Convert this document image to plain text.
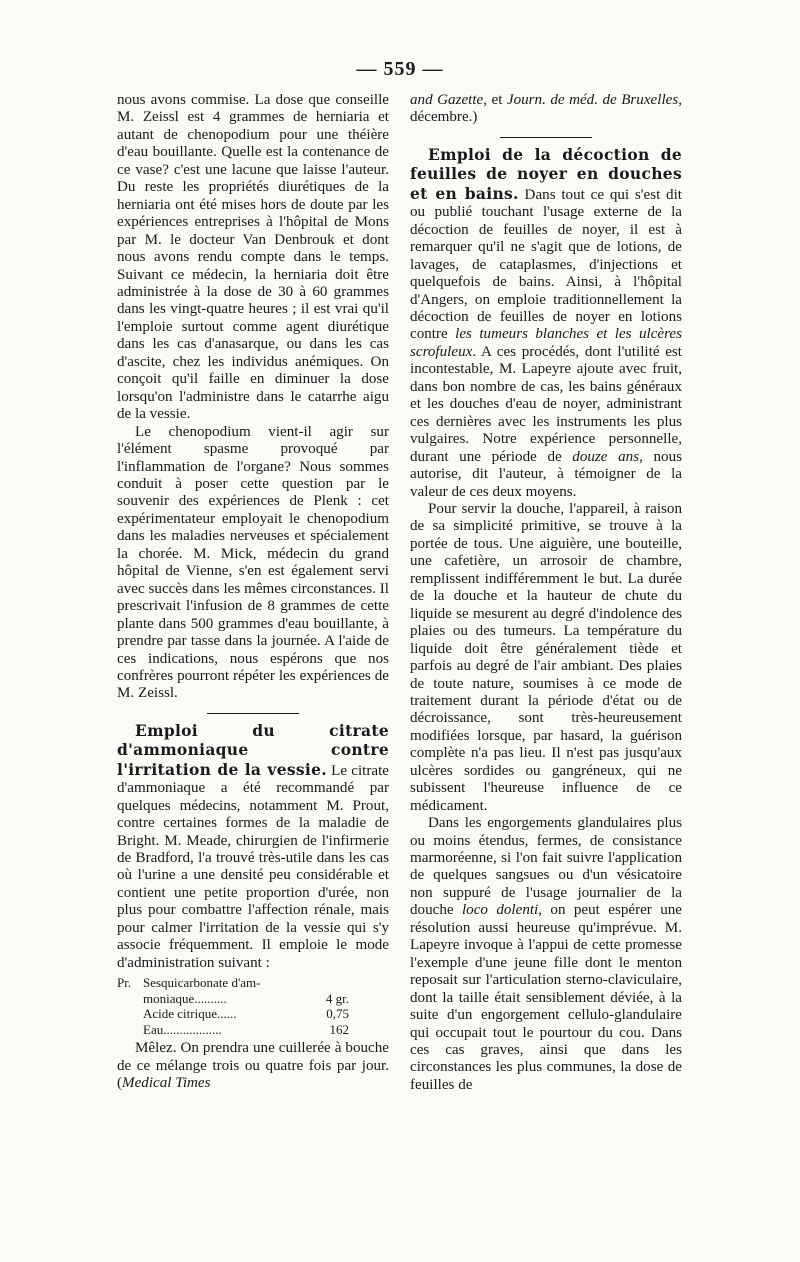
— 559 —

nous avons commise. La dose que conseille M. Zeissl est 4 grammes de herniaria et autant de chenopodium pour une théière d'eau bouillante. Quelle est la contenance de ce vase? c'est une lacune que laisse l'auteur. Du reste les propriétés diurétiques de la herniaria ont été mises hors de doute par les expériences entreprises à l'hôpital de Mons par M. le docteur Van Denbrouk et dont nous avons rendu compte dans le temps. Suivant ce médecin, la herniaria doit être administrée à la dose de 30 à 60 grammes dans les vingt-quatre heures ; il est vrai qu'il l'emploie surtout comme agent diurétique dans les cas d'anasarque, ou dans les cas d'ascite, chez les individus anémiques. On conçoit qu'il faille en diminuer la dose lorsqu'on l'administre dans le catarrhe aigu de la vessie.

Le chenopodium vient-il agir sur l'élément spasme provoqué par l'inflammation de l'organe? Nous sommes conduit à poser cette question par le souvenir des expériences de Plenk : cet expérimentateur employait le chenopodium dans les maladies nerveuses et spécialement la chorée. M. Mick, médecin du grand hôpital de Vienne, s'en est également servi avec succès dans les mêmes circonstances. Il prescrivait l'infusion de 8 grammes de cette plante dans 500 grammes d'eau bouillante, à prendre par tasse dans la journée. A l'aide de ces indications, nous espérons que nos confrères pourront répéter les expériences de M. Zeissl.

Emploi du citrate d'ammoniaque contre l'irritation de la vessie. Le citrate d'ammoniaque a été recommandé par quelques médecins, notamment M. Prout, contre certaines formes de la maladie de Bright. M. Meade, chirurgien de l'infirmerie de Bradford, l'a trouvé très-utile dans les cas où l'urine a une densité peu considérable et contient une petite proportion d'urée, non plus pour combattre l'affection rénale, mais pour calmer l'irritation de la vessie qui s'y associe fréquemment. Il emploie le mode d'administration suivant :

Pr.	Sesquicarbonate d'am-	
	moniaque..........	4 gr.
	Acide citrique......	0,75
	Eau..................	162

Mêlez. On prendra une cuillerée à bouche de ce mélange trois ou quatre fois par jour. (Medical Times

and Gazette, et Journ. de méd. de Bruxelles, décembre.)

Emploi de la décoction de feuilles de noyer en douches et en bains. Dans tout ce qui s'est dit ou publié touchant l'usage externe de la décoction de feuilles de noyer, il est à remarquer qu'il ne s'agit que de lotions, de lavages, de cataplasmes, d'injections et quelquefois de bains. Ainsi, à l'hôpital d'Angers, on emploie traditionnellement la décoction de feuilles de noyer en lotions contre les tumeurs blanches et les ulcères scrofuleux. A ces procédés, dont l'utilité est incontestable, M. Lapeyre ajoute avec fruit, dans bon nombre de cas, les bains généraux et les douches d'eau de noyer, administrant ces dernières avec les instruments les plus vulgaires. Notre expérience personnelle, durant une période de douze ans, nous autorise, dit l'auteur, à témoigner de la valeur de ces deux moyens.

Pour servir la douche, l'appareil, à raison de sa simplicité primitive, se trouve à la portée de tous. Une aiguière, une bouteille, une cafetière, un arrosoir de chambre, remplissent indifféremment le but. La durée de la douche et la hauteur de chute du liquide se mesurent au degré d'indolence des plaies ou des tumeurs. La température du liquide doit être généralement tiède et parfois au degré de l'air ambiant. Des plaies de toute nature, soumises à ce mode de traitement durant la période d'état ou de décroissance, sont très-heureusement modifiées lorsque, par hasard, la guérison complète n'a pas lieu. Il n'est pas jusqu'aux ulcères sordides ou gangréneux, qui ne subissent l'heureuse influence de ce médicament.

Dans les engorgements glandulaires plus ou moins étendus, fermes, de consistance marmoréenne, si l'on fait suivre l'application de quelques sangsues ou d'un vésicatoire non suppuré de l'usage journalier de la douche loco dolenti, on peut espérer une résolution aussi heureuse qu'imprévue. M. Lapeyre invoque à l'appui de cette promesse l'exemple d'une jeune fille dont le menton reposait sur l'articulation sterno-claviculaire, dont la taille était sensiblement déviée, à la suite d'un engorgement cellulo-glandulaire qui occupait tout le pourtour du cou. Dans ces cas graves, ainsi que dans les circonstances les plus communes, la dose de feuilles de
